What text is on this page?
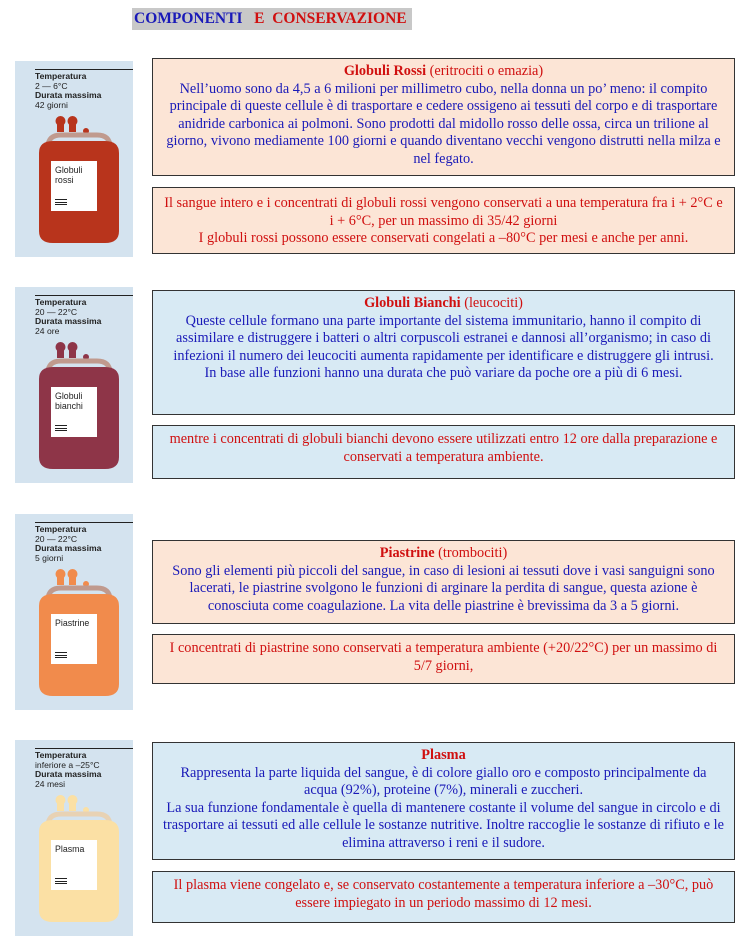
COMPONENTI E  CONSERVAZIONE
Temperatura
2 — 6°C
Durata massima
42 giorni
Globuli
rossi
Globuli Rossi (eritrociti o emazia)
Nell’uomo sono da 4,5 a 6 milioni per millimetro cubo, nella donna un po’ meno: il compito principale di queste cellule è di trasportare e cedere ossigeno ai tessuti del corpo e di trasportare anidride carbonica ai polmoni. Sono prodotti dal midollo rosso delle ossa, circa un trilione al giorno, vivono mediamente 100 giorni e quando diventano vecchi vengono distrutti nella milza e nel fegato.
Il sangue intero e i concentrati di globuli rossi vengono conservati a una temperatura fra i + 2°C e i + 6°C, per un massimo di 35/42 giorni
I globuli rossi possono essere conservati congelati a –80°C per mesi e anche per anni.
Temperatura
20 — 22°C
Durata massima
24 ore
Globuli
bianchi
Globuli Bianchi (leucociti)
Queste cellule formano una parte importante del sistema immunitario, hanno il compito di assimilare e distruggere i batteri o altri corpuscoli estranei e dannosi all’organismo; in caso di infezioni il numero dei leucociti aumenta rapidamente per identificare e distruggere gli intrusi.
In base alle funzioni hanno una durata che può variare da poche ore a più di 6 mesi.
mentre i concentrati di globuli bianchi devono essere utilizzati entro 12 ore dalla preparazione e conservati a temperatura ambiente.
Temperatura
20 — 22°C
Durata massima
5 giorni
Piastrine
Piastrine (tromboci​ti)
Sono gli elementi più piccoli del sangue, in caso di lesioni ai tessuti dove i vasi sanguigni sono lacerati, le piastrine svolgono le funzioni di arginare la perdita di sangue, questa azione è conosciuta come coagulazione. La vita delle piastrine è brevissima da 3 a 5 giorni.
I concentrati di piastrine sono conservati a temperatura ambiente (+20/22°C) per un massimo di 5/7 giorni,
Temperatura
inferiore a –25°C
Durata massima
24 mesi
Plasma
Plasma
Rappresenta la parte liquida del sangue, è di colore giallo oro e composto principalmente da acqua (92%), proteine (7%), minerali e zuccheri.
La sua funzione fondamentale è quella di mantenere costante il volume del sangue in circolo e di trasportare ai tessuti ed alle cellule le sostanze nutritive. Inoltre raccoglie le sostanze di rifiuto e le elimina attraverso i reni e il sudore.
Il plasma viene congelato e, se conservato costantemente a temperatura inferiore a –30°C, può essere impiegato in un periodo massimo di 12 mesi.
